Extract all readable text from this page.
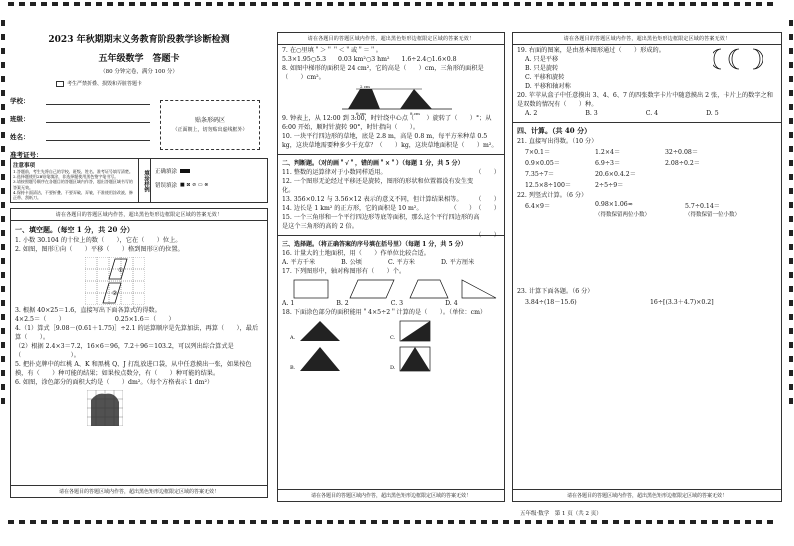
2023 年秋期期末义务教育阶段教学诊断检测
五年级数学　答题卡
（80 分钟完卷，满分 100 分）
考生严禁折叠、损毁和弄脏答题卡
学校：
班级：
姓名：
准考证号：
贴条形码区
（正面朝上，切勿贴出虚线框外）
注意事项
1.答题前，考生先将自己的学校、班级、姓名、准考证号填写清楚。
2.选择题使用2B铅笔填涂，非选择题使用黑色签字笔书写。
3.请按照题号顺序在各题目的答题区域内作答，超出答题区域书写的答案无效。
4.保持卡面清洁，不要折叠、不要弄破、弄皱，不准使用涂改液、修正带、刮纸刀。
填涂样例	正确填涂
错误填涂 ■ ⊠ ⊘ ▭ ⊗
请在各题目的答题区域内作答，超出黑色矩形边框限定区域的答案无效！
一、填空题。（每空 1 分，共 20 分）
1. 小数 30.104 的十位上的数（　　），它在（　　）位上。
2. 如图，图形①向（　　）平移（　　）格到图形②的位置。
①
②
3. 根据 40×25＝1.6，直接写出下面各算式的得数。
4×2.5＝（　　）	0.25×1.6＝（　　）
4.（1）算式［9.08－(0.61＋1.75)］÷2.1 的运算顺序是先算加法，再算（　　），最后算（　　）。
（2）根据 2.4×3＝7.2，16×6＝96，7.2＋96＝103.2，可以列出综合算式是（　　　　　　　　）。
5. 把扑克牌中的红桃 A、K 和黑桃 Q、J 打乱放进口袋，从中任意摸出一张，如果按色摸，有（　　）种可能的结果；如果按点数分，有（　　）种可能的结果。
6. 如图，涂色部分的面积大约是（　　）dm²。（每个方格表示 1 dm²）
请在各题目的答题区域内作答，超出黑色矩形边框限定区域的答案无效！
请在各题目的答题区域内作答，超出黑色矩形边框限定区域的答案无效！
7. 在○里填＂＞＂＂＜＂或＂＝＂。
5.3×1.95○5.3 0.03 km²○3 hm² 1.6÷2.4○1.6×0.8
8. 如图中梯形的面积是 24 cm²，它的高是（　　）cm，三角形的面积是（　　）cm²。
2 cm
6 cm	8 cm
9. 钟表上，从 12:00 到 3:00，时针绕中心点（　　）旋转了（　　）°；从 6:00 开始，顺时针旋转 90°，时针指向（　　）。
10. 一块平行四边形的草地，底是 2.8 m，高是 0.8 m，每平方米种草 0.5 kg，这块草地需要种多少千克草？（　　）kg，这块草地面积是（　　）m²。
二、判断题。（对的画＂√＂，错的画＂×＂）（每题 1 分，共 5 分）
11. 整数的运算律对于小数同样适用。	（　　）
12. 一个图形无论经过平移还是旋转，图形的形状和位置都没有发生变化。
（　　）
13. 356×0.12 与 3.56×12 表示的意义不同，但计算结果相等。
（　　）
14. 边长是 1 km² 的正方形，它的面积是 10 m²。	（　　）
15. 一个三角形和一个平行四边形等底等面积，那么这个平行四边形的高是这个三角形的高的 2 倍。
（　　）
三、选择题。（将正确答案的序号填在括号里）（每题 1 分，共 5 分）
16. 计量大的土地面积，用（　　）作单位比较合适。
A. 平方千米	B. 公顷	C. 平方米	D. 平方厘米
17. 下列图形中，轴对称图形有（　　）个。
A. 1	B. 2	C. 3	D. 4
18. 下面涂色部分的面积能用＂4×5÷2＂计算的是（　　）。（单位：cm）
A.
B.
C.
D.
请在各题目的答题区域内作答，超出黑色矩形边框限定区域的答案无效！
请在各题目的答题区域内作答，超出黑色矩形边框限定区域的答案无效！
19. 右面的图案，是由基本图形通过（　　）形成的。
A. 只是平移
B. 只是旋转
C. 平移和旋转
D. 平移和轴对称
20. 苹苹从盒子中任意摸出 3、4、6、7 的四张数字卡片中随意摸出 2 张，卡片上的数字之和是双数的情况有（　　）种。
A. 2	B. 3	C. 4	D. 5
四、计算。（共 40 分）
21. 直接写出得数。（10 分）
7×0.1＝	1.2×4＝	32÷0.08＝
0.9×0.05＝	6.9÷3＝	2.08÷0.2＝
7.35÷7＝	20.6×0.4.2＝
12.5×8÷100＝	2÷5÷9＝
22. 列竖式计算。（6 分）
6.4×9＝	0.98×1.06≈	5.7÷0.14＝
（得数保留两位小数）	（得数保留一位小数）
23. 计算下面各题。（6 分）
3.84÷(18－15.6)	16÷[(3.3＋4.7)×0.2]
请在各题目的答题区域内作答，超出黑色矩形边框限定区域的答案无效！
五年级·数学　第 1 页（共 2 页）
